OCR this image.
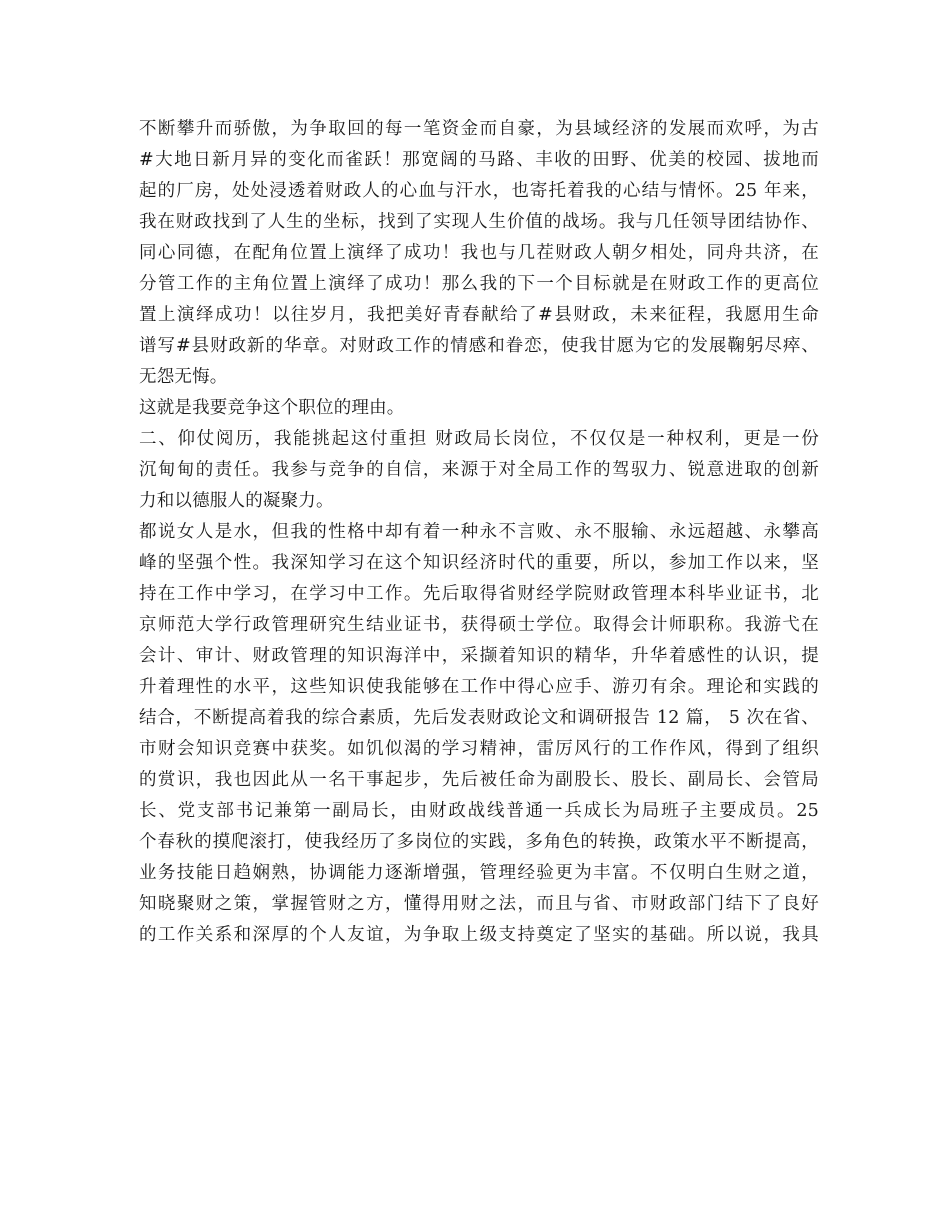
不断攀升而骄傲，为争取回的每一笔资金而自豪，为县域经济的发展而欢呼，为古
#大地日新月异的变化而雀跃！那宽阔的马路、丰收的田野、优美的校园、拔地而
起的厂房，处处浸透着财政人的心血与汗水，也寄托着我的心结与情怀。25 年来，
我在财政找到了人生的坐标，找到了实现人生价值的战场。我与几任领导团结协作、
同心同德，在配角位置上演绎了成功！我也与几茬财政人朝夕相处，同舟共济，在
分管工作的主角位置上演绎了成功！那么我的下一个目标就是在财政工作的更高位
置上演绎成功！以往岁月，我把美好青春献给了#县财政，未来征程，我愿用生命
谱写#县财政新的华章。对财政工作的情感和眷恋，使我甘愿为它的发展鞠躬尽瘁、
无怨无悔。
这就是我要竞争这个职位的理由。
二、仰仗阅历，我能挑起这付重担 财政局长岗位，不仅仅是一种权利，更是一份
沉甸甸的责任。我参与竞争的自信，来源于对全局工作的驾驭力、锐意进取的创新
力和以德服人的凝聚力。
都说女人是水，但我的性格中却有着一种永不言败、永不服输、永远超越、永攀高
峰的坚强个性。我深知学习在这个知识经济时代的重要，所以，参加工作以来，坚
持在工作中学习，在学习中工作。先后取得省财经学院财政管理本科毕业证书，北
京师范大学行政管理研究生结业证书，获得硕士学位。取得会计师职称。我游弋在
会计、审计、财政管理的知识海洋中，采撷着知识的精华，升华着感性的认识，提
升着理性的水平，这些知识使我能够在工作中得心应手、游刃有余。理论和实践的
结合，不断提高着我的综合素质，先后发表财政论文和调研报告 12 篇， 5 次在省、
市财会知识竞赛中获奖。如饥似渴的学习精神，雷厉风行的工作作风，得到了组织
的赏识，我也因此从一名干事起步，先后被任命为副股长、股长、副局长、会管局
长、党支部书记兼第一副局长，由财政战线普通一兵成长为局班子主要成员。25
个春秋的摸爬滚打，使我经历了多岗位的实践，多角色的转换，政策水平不断提高，
业务技能日趋娴熟，协调能力逐渐增强，管理经验更为丰富。不仅明白生财之道，
知晓聚财之策，掌握管财之方，懂得用财之法，而且与省、市财政部门结下了良好
的工作关系和深厚的个人友谊，为争取上级支持奠定了坚实的基础。所以说，我具
